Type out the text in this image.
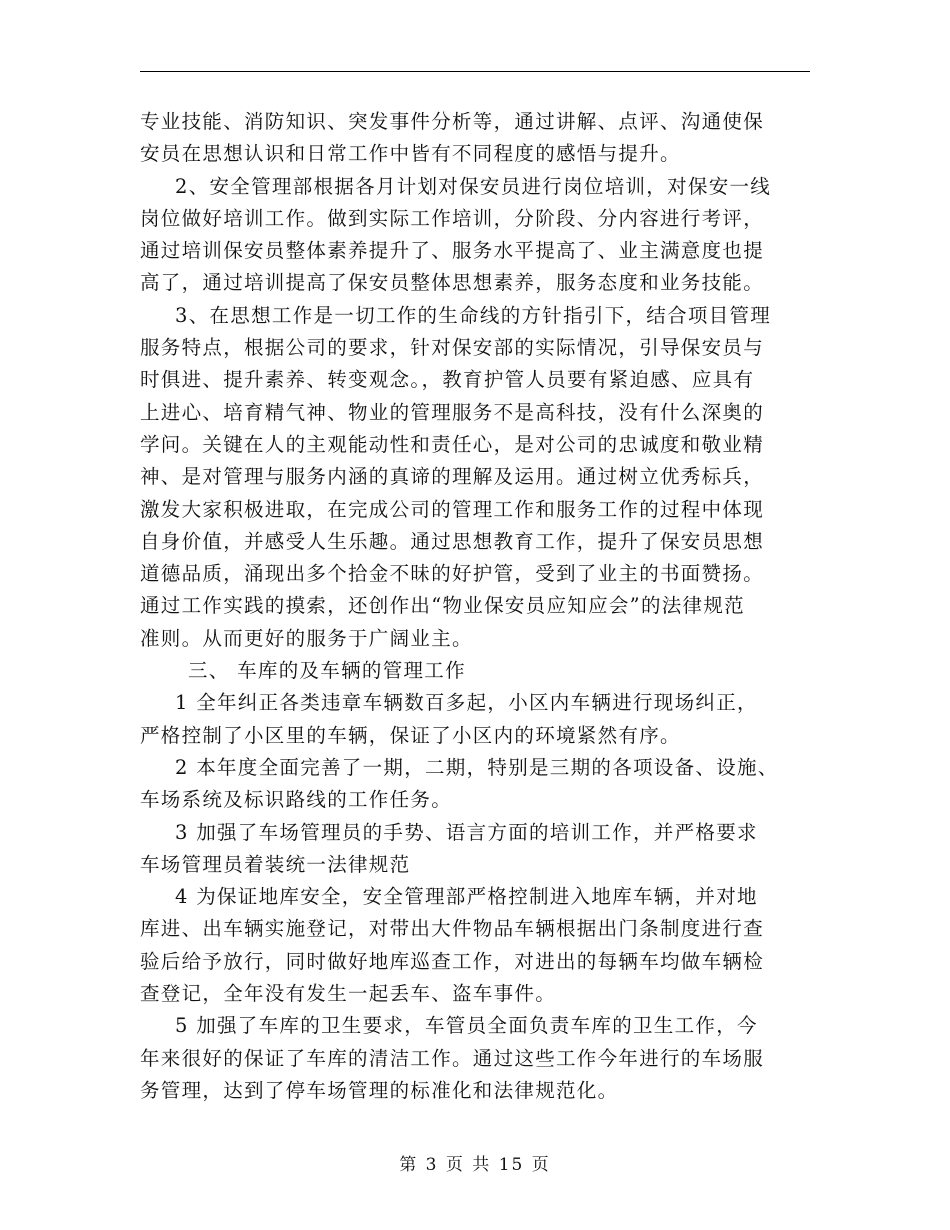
专业技能、消防知识、突发事件分析等，通过讲解、点评、沟通使保
安员在思想认识和日常工作中皆有不同程度的感悟与提升。
2、安全管理部根据各月计划对保安员进行岗位培训，对保安一线
岗位做好培训工作。做到实际工作培训，分阶段、分内容进行考评，
通过培训保安员整体素养提升了、服务水平提高了、业主满意度也提
高了，通过培训提高了保安员整体思想素养，服务态度和业务技能。
3、在思想工作是一切工作的生命线的方针指引下，结合项目管理
服务特点，根据公司的要求，针对保安部的实际情况，引导保安员与
时俱进、提升素养、转变观念。，教育护管人员要有紧迫感、应具有
上进心、培育精气神、物业的管理服务不是高科技，没有什么深奥的
学问。关键在人的主观能动性和责任心，是对公司的忠诚度和敬业精
神、是对管理与服务内涵的真谛的理解及运用。通过树立优秀标兵，
激发大家积极进取，在完成公司的管理工作和服务工作的过程中体现
自身价值，并感受人生乐趣。通过思想教育工作，提升了保安员思想
道德品质，涌现出多个拾金不昧的好护管，受到了业主的书面赞扬。
通过工作实践的摸索，还创作出“物业保安员应知应会”的法律规范
准则。从而更好的服务于广阔业主。
三、 车库的及车辆的管理工作
1 全年纠正各类违章车辆数百多起，小区内车辆进行现场纠正，
严格控制了小区里的车辆，保证了小区内的环境紧然有序。
2 本年度全面完善了一期，二期，特别是三期的各项设备、设施、
车场系统及标识路线的工作任务。
3 加强了车场管理员的手势、语言方面的培训工作，并严格要求
车场管理员着装统一法律规范
4 为保证地库安全，安全管理部严格控制进入地库车辆，并对地
库进、出车辆实施登记，对带出大件物品车辆根据出门条制度进行查
验后给予放行，同时做好地库巡查工作，对进出的每辆车均做车辆检
查登记，全年没有发生一起丢车、盗车事件。
5 加强了车库的卫生要求，车管员全面负责车库的卫生工作，今
年来很好的保证了车库的清洁工作。通过这些工作今年进行的车场服
务管理，达到了停车场管理的标准化和法律规范化。
第 3 页 共 15 页
